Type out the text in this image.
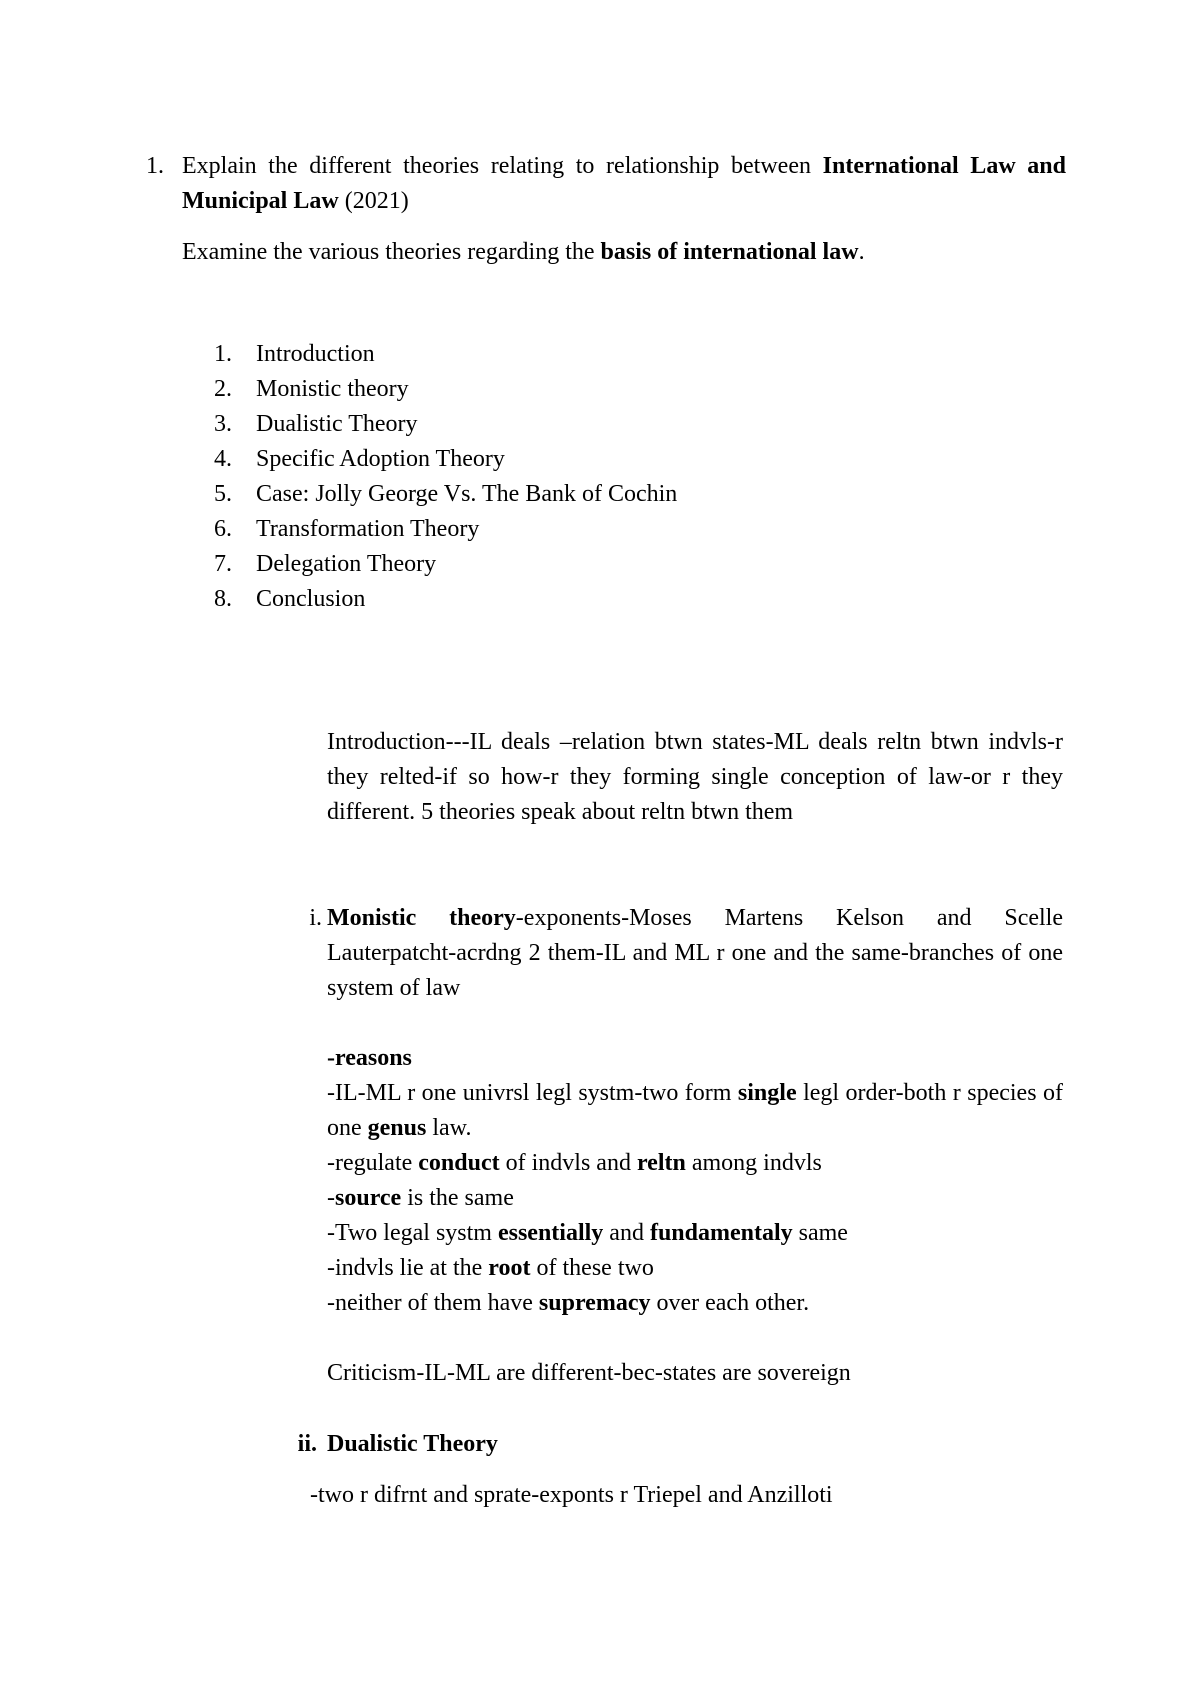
1. Explain the different theories relating to relationship between International Law and Municipal Law (2021)

Examine the various theories regarding the basis of international law.

1. Introduction
2. Monistic theory
3. Dualistic Theory
4. Specific Adoption Theory
5. Case: Jolly George Vs. The Bank of Cochin
6. Transformation Theory
7. Delegation Theory
8. Conclusion

Introduction---IL deals –relation btwn states-ML deals reltn btwn indvls-r they relted-if so how-r they forming single conception of law-or r they different. 5 theories speak about reltn btwn them

i. Monistic theory-exponents-Moses Martens Kelson and Scelle Lauterpatcht-acrdng 2 them-IL and ML r one and the same-branches of one system of law

-reasons

-IL-ML r one univrsl legl systm-two form single legl order-both r species of one genus law.

-regulate conduct of indvls and reltn among indvls

-source is the same

-Two legal systm essentially and fundamentaly same

-indvls lie at the root of these two

-neither of them have supremacy over each other.

Criticism-IL-ML are different-bec-states are sovereign

ii. Dualistic Theory

-two r difrnt and sprate-exponts r Triepel and Anzilloti
